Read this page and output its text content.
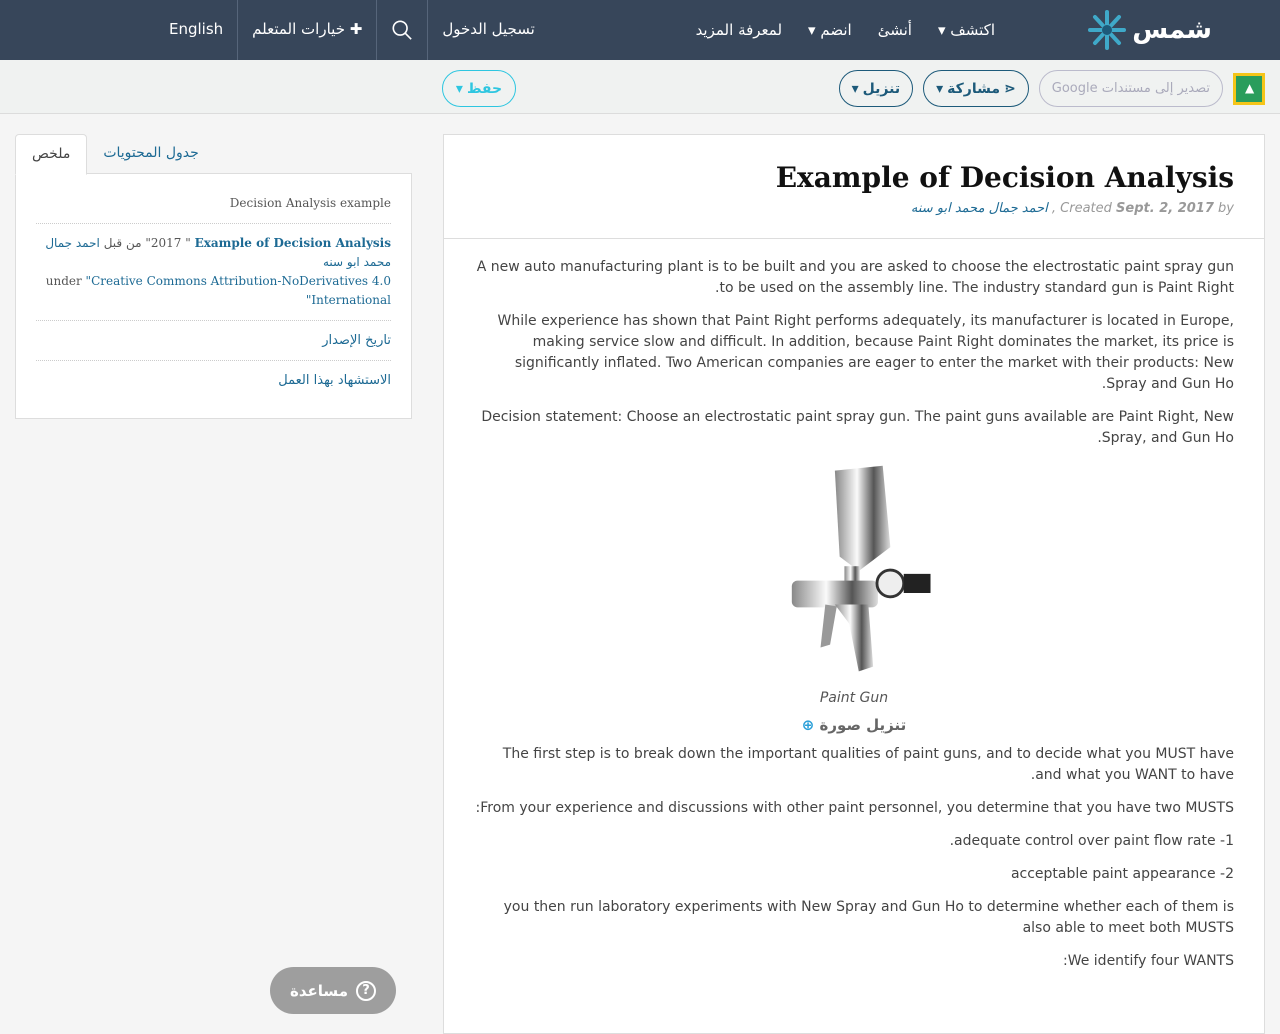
شمس
اكتشف ▾
أنشئ
انضم ▾
لمعرفة المزيد
English	خيارات المتعلم ✚	تسجيل الدخول
▲
تصدير إلى مستندات Google
⋖
مشاركة
▾
تنزيل
▾
حفظ
▾
Example of Decision Analysis
احمد جمال محمد ابو سنه , Created Sept. 2, 2017 by

A new auto manufacturing plant is to be built and you are asked to choose the electrostatic paint spray gun to be used on the assembly line. The industry standard gun is Paint Right.

While experience has shown that Paint Right performs adequately, its manufacturer is located in Europe, making service slow and difficult. In addition, because Paint Right dominates the market, its price is significantly inflated. Two American companies are eager to enter the market with their products: New Spray and Gun Ho.

Decision statement: Choose an electrostatic paint spray gun. The paint guns available are Paint Right, New Spray, and Gun Ho.

Paint Gun
تنزيل صورة ⊕

The first step is to break down the important qualities of paint guns, and to decide what you MUST have and what you WANT to have.

From your experience and discussions with other paint personnel, you determine that you have two MUSTS:

1- adequate control over paint flow rate.

2- acceptable paint appearance

you then run laboratory experiments with New Spray and Gun Ho to determine whether each of them is also able to meet both MUSTS

We identify four WANTS:

ملخص	جدول المحتويات
Decision Analysis example
2017 " Example of Decision Analysis" من قبل احمد جمال محمد ابو سنه
under "Creative Commons Attribution-NoDerivatives 4.0 International"
تاريخ الإصدار
الاستشهاد بهذا العمل
?
مساعدة
